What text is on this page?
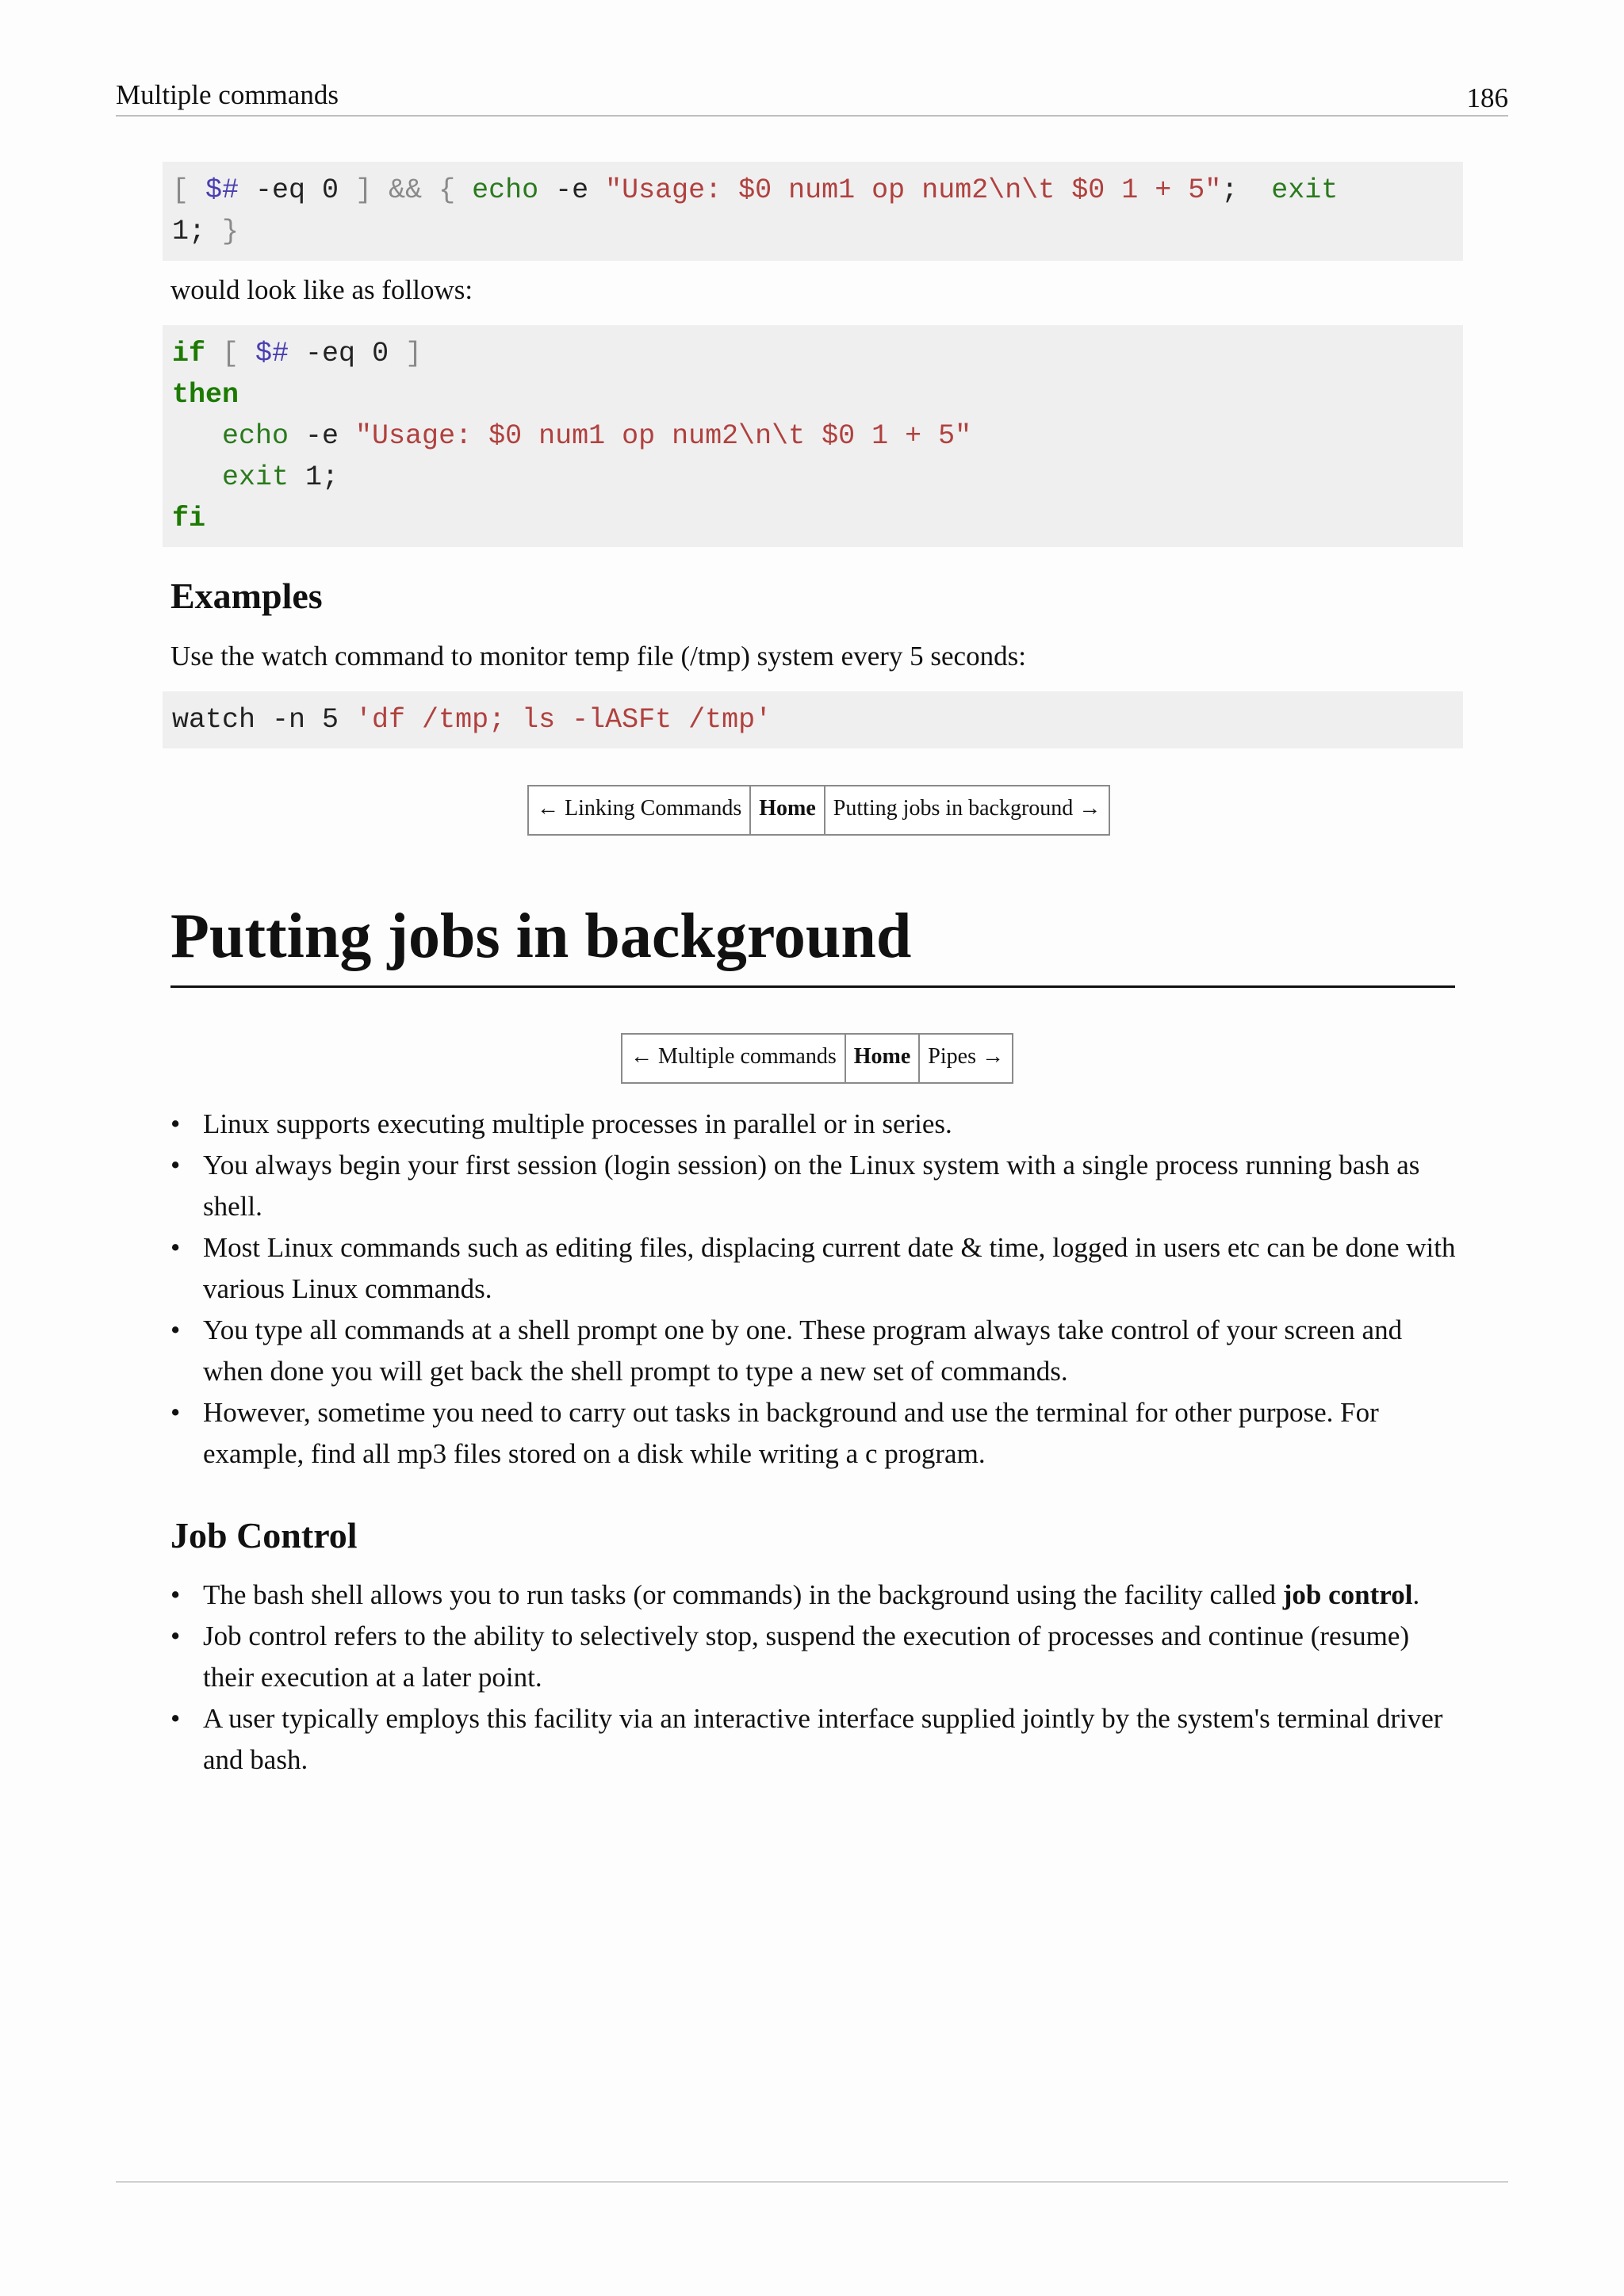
Multiple commands	186
[ $# -eq 0 ] && { echo -e "Usage: $0 num1 op num2\n\t $0 1 + 5";  exit
1; }
would look like as follows:
if [ $# -eq 0 ]
then
echo -e "Usage: $0 num1 op num2\n\t $0 1 + 5"
exit 1;
fi
Examples
Use the watch command to monitor temp file (/tmp) system every 5 seconds:
watch -n 5 'df /tmp; ls -lASFt /tmp'
← Linking Commands Home Putting jobs in background →
Putting jobs in background
← Multiple commands Home Pipes →
• Linux supports executing multiple processes in parallel or in series.
• You always begin your first session (login session) on the Linux system with a single process running bash as shell.
• Most Linux commands such as editing files, displacing current date & time, logged in users etc can be done with various Linux commands.
• You type all commands at a shell prompt one by one. These program always take control of your screen and when done you will get back the shell prompt to type a new set of commands.
• However, sometime you need to carry out tasks in background and use the terminal for other purpose. For example, find all mp3 files stored on a disk while writing a c program.
Job Control
• The bash shell allows you to run tasks (or commands) in the background using the facility called job control.
• Job control refers to the ability to selectively stop, suspend the execution of processes and continue (resume) their execution at a later point.
• A user typically employs this facility via an interactive interface supplied jointly by the system's terminal driver and bash.
